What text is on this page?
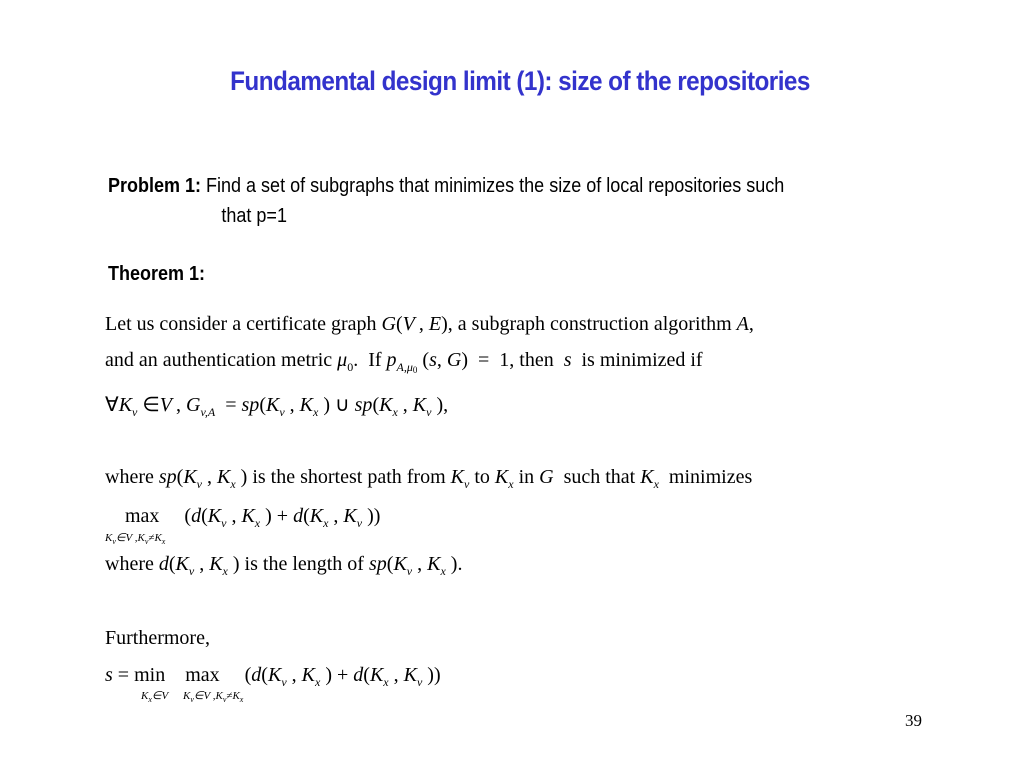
Fundamental design limit (1): size of the repositories
Problem 1: Find a set of subgraphs that minimizes the size of local repositories such
that p=1
Theorem 1:
Let us consider a certificate graph G(V , E), a subgraph construction algorithm A,
and an authentication metric $\mu_0$. If $p_{A,\mu 0}$ (s, G)  =  1, then s is minimized if
$\forall K_v$ ∈V , $G_{v,A} = sp(K_v$ , $K_x$ ) ∪ $sp(K_x$ , $K_v$ ),
where $sp(K_v$ , $K_x$ ) is the shortest path from $K_v$ to $K_x$ in G such that $K_x$ minimizes
max     ($d(K_v$ , $K_x$ ) + $d(K_x$ , $K_v$ ))
$K_v\in V$ $,K_v\ne K_x$
where $d(K_v$ , $K_x$ ) is the length of $sp(K_v$ , $K_x$ ).
Furthermore,
s = min    max     ($d(K_v$ , $K_x$ ) + $d(K_x$ , $K_v$ ))
$K_x\in V$ $K_v\in V$ $,K_v\ne K_x$
39
